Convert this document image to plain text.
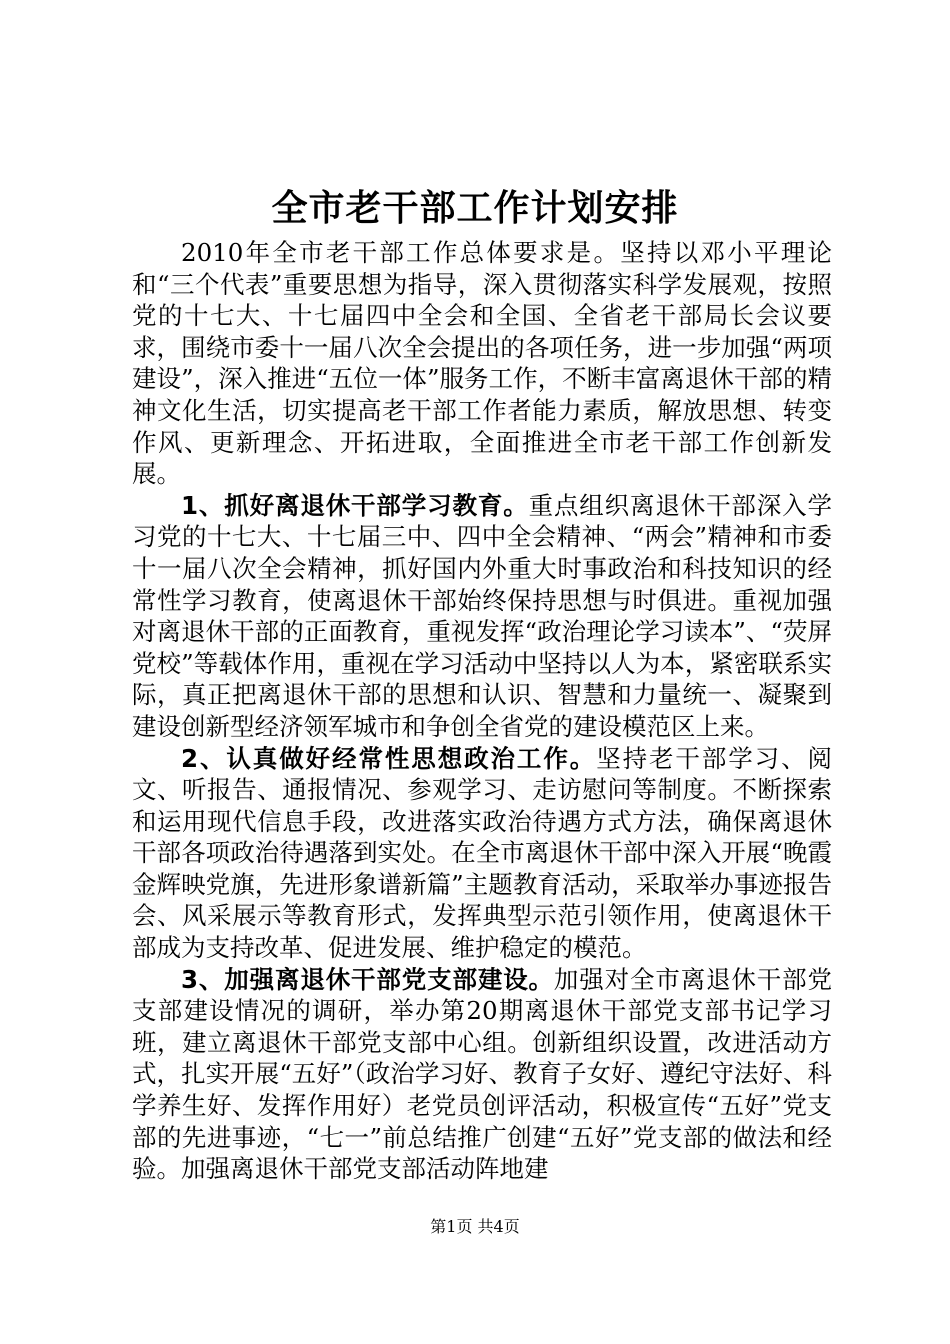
全市老干部工作计划安排

2010年全市老干部工作总体要求是。坚持以邓小平理论和“三个代表”重要思想为指导，深入贯彻落实科学发展观，按照党的十七大、十七届四中全会和全国、全省老干部局长会议要求，围绕市委十一届八次全会提出的各项任务，进一步加强“两项建设”，深入推进“五位一体”服务工作，不断丰富离退休干部的精神文化生活，切实提高老干部工作者能力素质，解放思想、转变作风、更新理念、开拓进取，全面推进全市老干部工作创新发展。

1、抓好离退休干部学习教育。重点组织离退休干部深入学习党的十七大、十七届三中、四中全会精神、“两会”精神和市委十一届八次全会精神，抓好国内外重大时事政治和科技知识的经常性学习教育，使离退休干部始终保持思想与时俱进。重视加强对离退休干部的正面教育，重视发挥“政治理论学习读本”、“荧屏党校”等载体作用，重视在学习活动中坚持以人为本，紧密联系实际，真正把离退休干部的思想和认识、智慧和力量统一、凝聚到建设创新型经济领军城市和争创全省党的建设模范区上来。

2、认真做好经常性思想政治工作。坚持老干部学习、阅文、听报告、通报情况、参观学习、走访慰问等制度。不断探索和运用现代信息手段，改进落实政治待遇方式方法，确保离退休干部各项政治待遇落到实处。在全市离退休干部中深入开展“晚霞金辉映党旗，先进形象谱新篇”主题教育活动，采取举办事迹报告会、风采展示等教育形式，发挥典型示范引领作用，使离退休干部成为支持改革、促进发展、维护稳定的模范。

3、加强离退休干部党支部建设。加强对全市离退休干部党支部建设情况的调研，举办第20期离退休干部党支部书记学习班，建立离退休干部党支部中心组。创新组织设置，改进活动方式，扎实开展“五好”（政治学习好、教育子女好、遵纪守法好、科学养生好、发挥作用好）老党员创评活动，积极宣传“五好”党支部的先进事迹，“七一”前总结推广创建“五好”党支部的做法和经验。加强离退休干部党支部活动阵地建

第1页 共4页
